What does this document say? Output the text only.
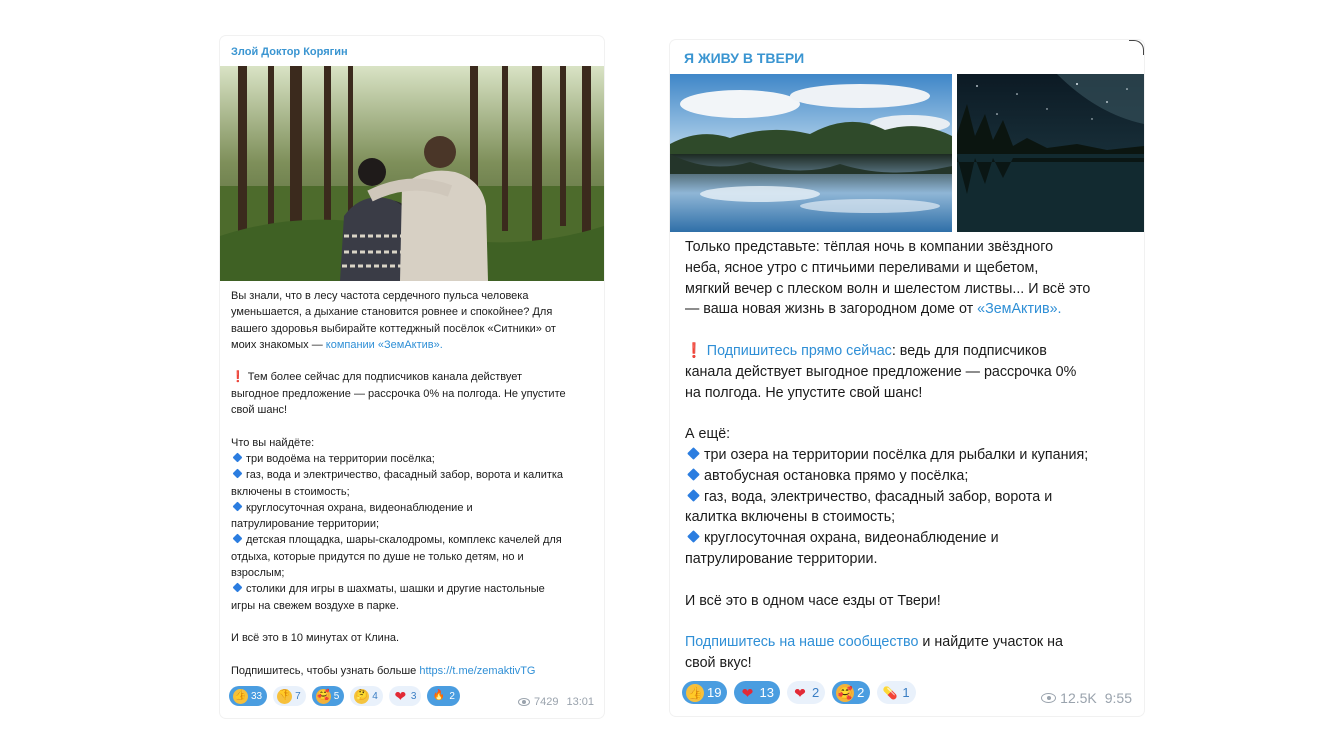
Злой Доктор Корягин
Вы знали, что в лесу частота сердечного пульса человека
уменьшается, а дыхание становится ровнее и спокойнее? Для
вашего здоровья выбирайте коттеджный посёлок «Ситники» от
моих знакомых — компании «ЗемАктив».
❗ Тем более сейчас для подписчиков канала действует
выгодное предложение — рассрочка 0% на полгода. Не упустите
свой шанс!
Что вы найдёте:
три водоёма на территории посёлка;
газ, вода и электричество, фасадный забор, ворота и калитка
включены в стоимость;
круглосуточная охрана, видеонаблюдение и
патрулирование территории;
детская площадка, шары-скалодромы, комплекс качелей для
отдыха, которые придутся по душе не только детям, но и
взрослым;
столики для игры в шахматы, шашки и другие настольные
игры на свежем воздухе в парке.
И всё это в 10 минутах от Клина.
Подпишитесь, чтобы узнать больше https://t.me/zemaktivTG
👍 33 👎 7 🥰 5 🤔 4 ❤ 3 🔥 2	7429 13:01
Я ЖИВУ В ТВЕРИ
Только представьте: тёплая ночь в компании звёздного
неба, ясное утро с птичьими переливами и щебетом,
мягкий вечер с плеском волн и шелестом листвы... И всё это
— ваша новая жизнь в загородном доме от «ЗемАктив».
❗ Подпишитесь прямо сейчас: ведь для подписчиков
канала действует выгодное предложение — рассрочка 0%
на полгода. Не упустите свой шанс!
А ещё:
три озера на территории посёлка для рыбалки и купания;
автобусная остановка прямо у посёлка;
газ, вода, электричество, фасадный забор, ворота и
калитка включены в стоимость;
круглосуточная охрана, видеонаблюдение и
патрулирование территории.
И всё это в одном часе езды от Твери!
Подпишитесь на наше сообщество и найдите участок на
свой вкус!
👍 19 ❤ 13 ❤ 2 🥰 2 💊 1	12.5K 9:55
